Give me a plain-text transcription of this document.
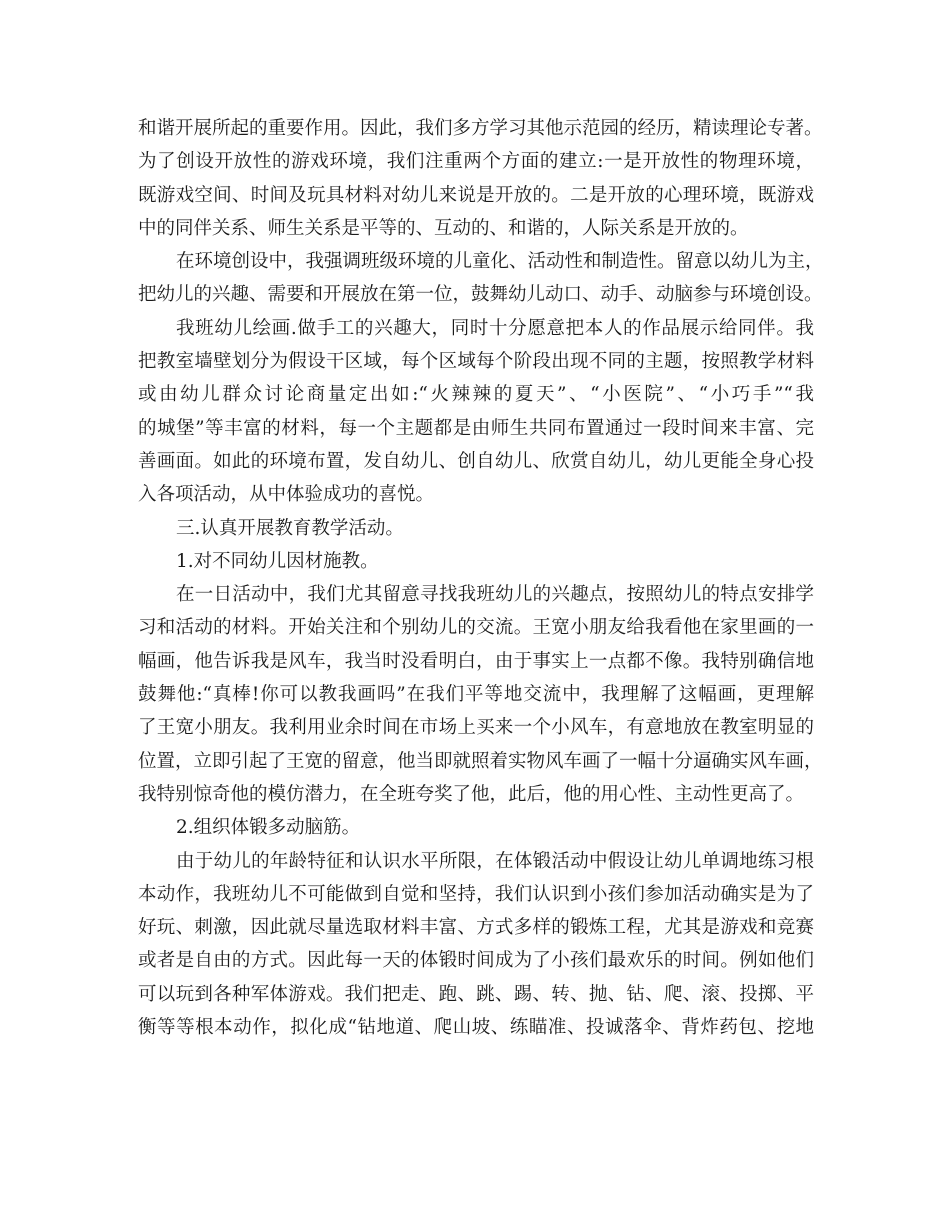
和谐开展所起的重要作用。因此，我们多方学习其他示范园的经历，精读理论专著。
为了创设开放性的游戏环境，我们注重两个方面的建立:一是开放性的物理环境，
既游戏空间、时间及玩具材料对幼儿来说是开放的。二是开放的心理环境，既游戏
中的同伴关系、师生关系是平等的、互动的、和谐的，人际关系是开放的。
在环境创设中，我强调班级环境的儿童化、活动性和制造性。留意以幼儿为主，
把幼儿的兴趣、需要和开展放在第一位，鼓舞幼儿动口、动手、动脑参与环境创设。
我班幼儿绘画.做手工的兴趣大，同时十分愿意把本人的作品展示给同伴。我
把教室墙壁划分为假设干区域，每个区域每个阶段出现不同的主题，按照教学材料
或由幼儿群众讨论商量定出如:“火辣辣的夏天”、“小医院”、“小巧手”“我
的城堡”等丰富的材料，每一个主题都是由师生共同布置通过一段时间来丰富、完
善画面。如此的环境布置，发自幼儿、创自幼儿、欣赏自幼儿，幼儿更能全身心投
入各项活动，从中体验成功的喜悦。
三.认真开展教育教学活动。
1.对不同幼儿因材施教。
在一日活动中，我们尤其留意寻找我班幼儿的兴趣点，按照幼儿的特点安排学
习和活动的材料。开始关注和个别幼儿的交流。王宽小朋友给我看他在家里画的一
幅画，他告诉我是风车，我当时没看明白，由于事实上一点都不像。我特别确信地
鼓舞他:“真棒!你可以教我画吗”在我们平等地交流中，我理解了这幅画，更理解
了王宽小朋友。我利用业余时间在市场上买来一个小风车，有意地放在教室明显的
位置，立即引起了王宽的留意，他当即就照着实物风车画了一幅十分逼确实风车画，
我特别惊奇他的模仿潜力，在全班夸奖了他，此后，他的用心性、主动性更高了。
2.组织体锻多动脑筋。
由于幼儿的年龄特征和认识水平所限，在体锻活动中假设让幼儿单调地练习根
本动作，我班幼儿不可能做到自觉和坚持，我们认识到小孩们参加活动确实是为了
好玩、刺激，因此就尽量选取材料丰富、方式多样的锻炼工程，尤其是游戏和竞赛
或者是自由的方式。因此每一天的体锻时间成为了小孩们最欢乐的时间。例如他们
可以玩到各种军体游戏。我们把走、跑、跳、踢、转、抛、钻、爬、滚、投掷、平
衡等等根本动作，拟化成“钻地道、爬山坡、练瞄准、投诚落伞、背炸药包、挖地
